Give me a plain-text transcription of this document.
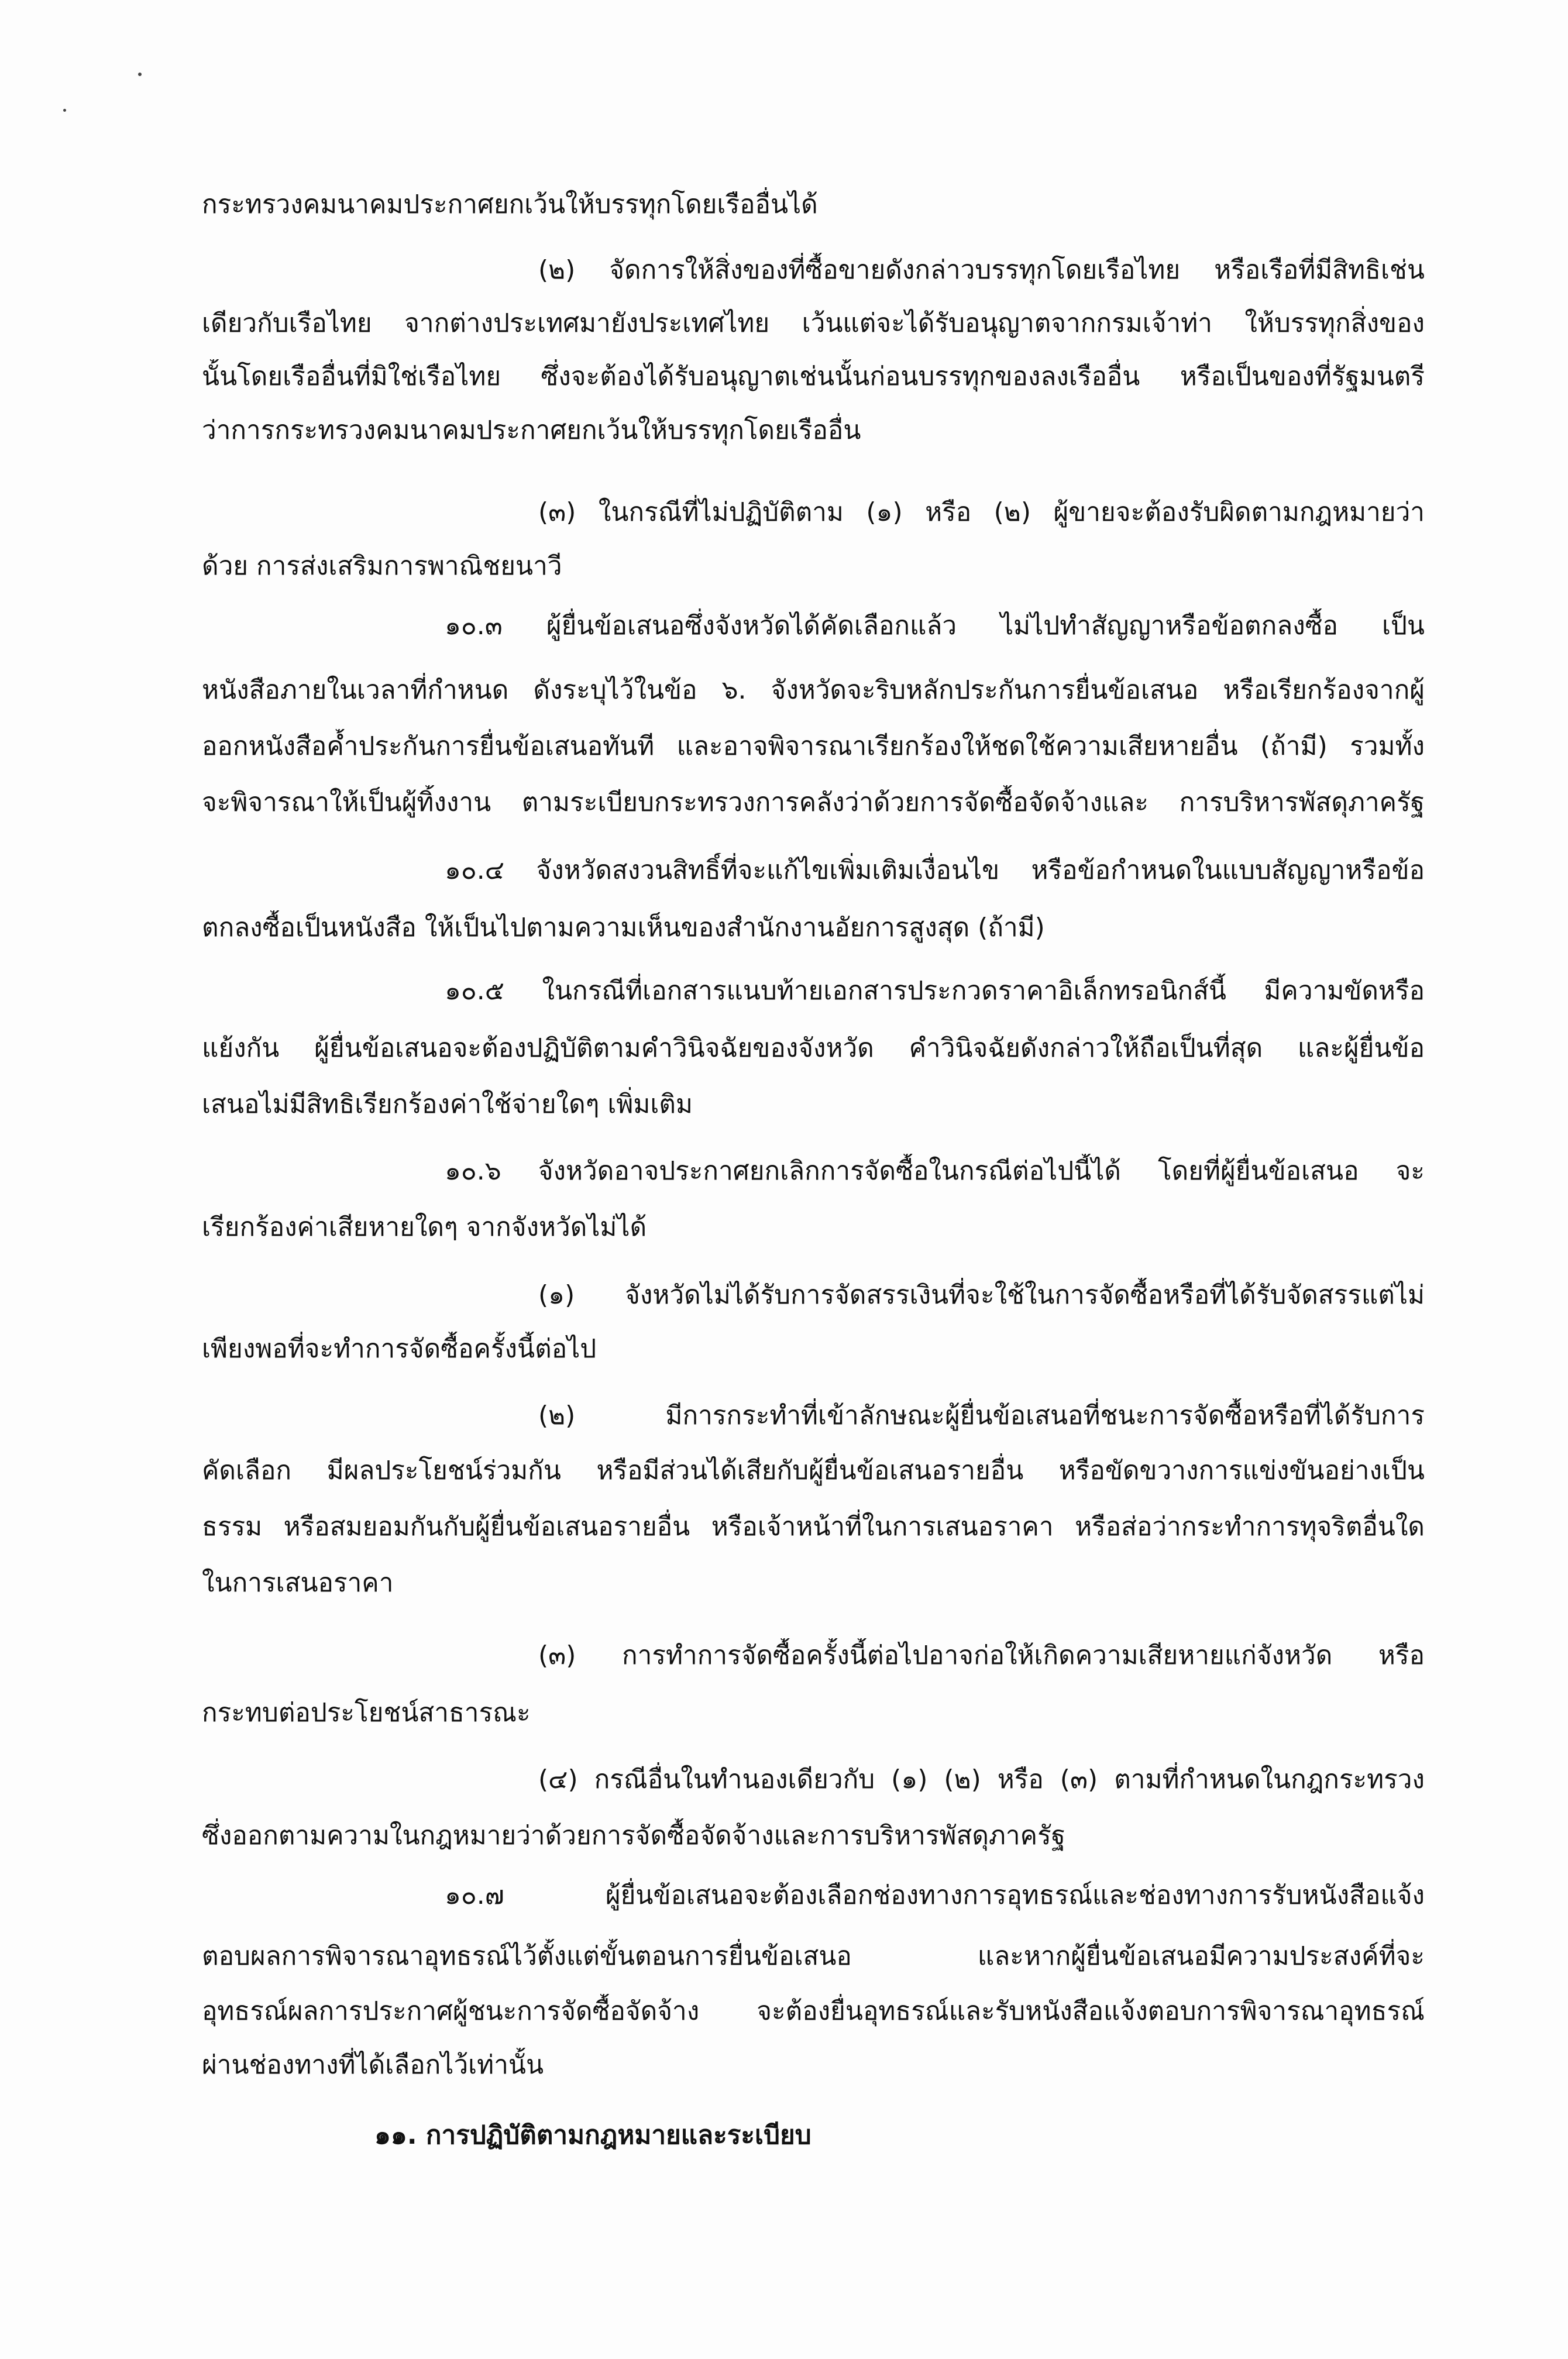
กระทรวงคมนาคมประกาศยกเว้นให้บรรทุกโดยเรืออื่นได้
(๒) จัดการให้สิ่งของที่ซื้อขายดังกล่าวบรรทุกโดยเรือไทย หรือเรือที่มีสิทธิเช่น
เดียวกับเรือไทย จากต่างประเทศมายังประเทศไทย เว้นแต่จะได้รับอนุญาตจากกรมเจ้าท่า ให้บรรทุกสิ่งของ
นั้นโดยเรืออื่นที่มิใช่เรือไทย ซึ่งจะต้องได้รับอนุญาตเช่นนั้นก่อนบรรทุกของลงเรืออื่น หรือเป็นของที่รัฐมนตรี
ว่าการกระทรวงคมนาคมประกาศยกเว้นให้บรรทุกโดยเรืออื่น
(๓) ในกรณีที่ไม่ปฏิบัติตาม (๑) หรือ (๒) ผู้ขายจะต้องรับผิดตามกฎหมายว่า
ด้วย การส่งเสริมการพาณิชยนาวี
๑๐.๓ ผู้ยื่นข้อเสนอซึ่งจังหวัดได้คัดเลือกแล้ว ไม่ไปทำสัญญาหรือข้อตกลงซื้อ เป็น
หนังสือภายในเวลาที่กำหนด ดังระบุไว้ในข้อ ๖. จังหวัดจะริบหลักประกันการยื่นข้อเสนอ หรือเรียกร้องจากผู้
ออกหนังสือค้ำประกันการยื่นข้อเสนอทันที และอาจพิจารณาเรียกร้องให้ชดใช้ความเสียหายอื่น (ถ้ามี) รวมทั้ง
จะพิจารณาให้เป็นผู้ทิ้งงาน ตามระเบียบกระทรวงการคลังว่าด้วยการจัดซื้อจัดจ้างและ การบริหารพัสดุภาครัฐ
๑๐.๔ จังหวัดสงวนสิทธิ์ที่จะแก้ไขเพิ่มเติมเงื่อนไข หรือข้อกำหนดในแบบสัญญาหรือข้อ
ตกลงซื้อเป็นหนังสือ ให้เป็นไปตามความเห็นของสำนักงานอัยการสูงสุด (ถ้ามี)
๑๐.๕ ในกรณีที่เอกสารแนบท้ายเอกสารประกวดราคาอิเล็กทรอนิกส์นี้ มีความขัดหรือ
แย้งกัน ผู้ยื่นข้อเสนอจะต้องปฏิบัติตามคำวินิจฉัยของจังหวัด คำวินิจฉัยดังกล่าวให้ถือเป็นที่สุด และผู้ยื่นข้อ
เสนอไม่มีสิทธิเรียกร้องค่าใช้จ่ายใดๆ เพิ่มเติม
๑๐.๖ จังหวัดอาจประกาศยกเลิกการจัดซื้อในกรณีต่อไปนี้ได้ โดยที่ผู้ยื่นข้อเสนอ จะ
เรียกร้องค่าเสียหายใดๆ จากจังหวัดไม่ได้
(๑) จังหวัดไม่ได้รับการจัดสรรเงินที่จะใช้ในการจัดซื้อหรือที่ได้รับจัดสรรแต่ไม่
เพียงพอที่จะทำการจัดซื้อครั้งนี้ต่อไป
(๒) มีการกระทำที่เข้าลักษณะผู้ยื่นข้อเสนอที่ชนะการจัดซื้อหรือที่ได้รับการ
คัดเลือก มีผลประโยชน์ร่วมกัน หรือมีส่วนได้เสียกับผู้ยื่นข้อเสนอรายอื่น หรือขัดขวางการแข่งขันอย่างเป็น
ธรรม หรือสมยอมกันกับผู้ยื่นข้อเสนอรายอื่น หรือเจ้าหน้าที่ในการเสนอราคา หรือส่อว่ากระทำการทุจริตอื่นใด
ในการเสนอราคา
(๓) การทำการจัดซื้อครั้งนี้ต่อไปอาจก่อให้เกิดความเสียหายแก่จังหวัด หรือ
กระทบต่อประโยชน์สาธารณะ
(๔) กรณีอื่นในทำนองเดียวกับ (๑) (๒) หรือ (๓) ตามที่กำหนดในกฎกระทรวง
ซึ่งออกตามความในกฎหมายว่าด้วยการจัดซื้อจัดจ้างและการบริหารพัสดุภาครัฐ
๑๐.๗ ผู้ยื่นข้อเสนอจะต้องเลือกช่องทางการอุทธรณ์และช่องทางการรับหนังสือแจ้ง
ตอบผลการพิจารณาอุทธรณ์ไว้ตั้งแต่ขั้นตอนการยื่นข้อเสนอ และหากผู้ยื่นข้อเสนอมีความประสงค์ที่จะ
อุทธรณ์ผลการประกาศผู้ชนะการจัดซื้อจัดจ้าง จะต้องยื่นอุทธรณ์และรับหนังสือแจ้งตอบการพิจารณาอุทธรณ์
ผ่านช่องทางที่ได้เลือกไว้เท่านั้น
๑๑. การปฏิบัติตามกฎหมายและระเบียบ
